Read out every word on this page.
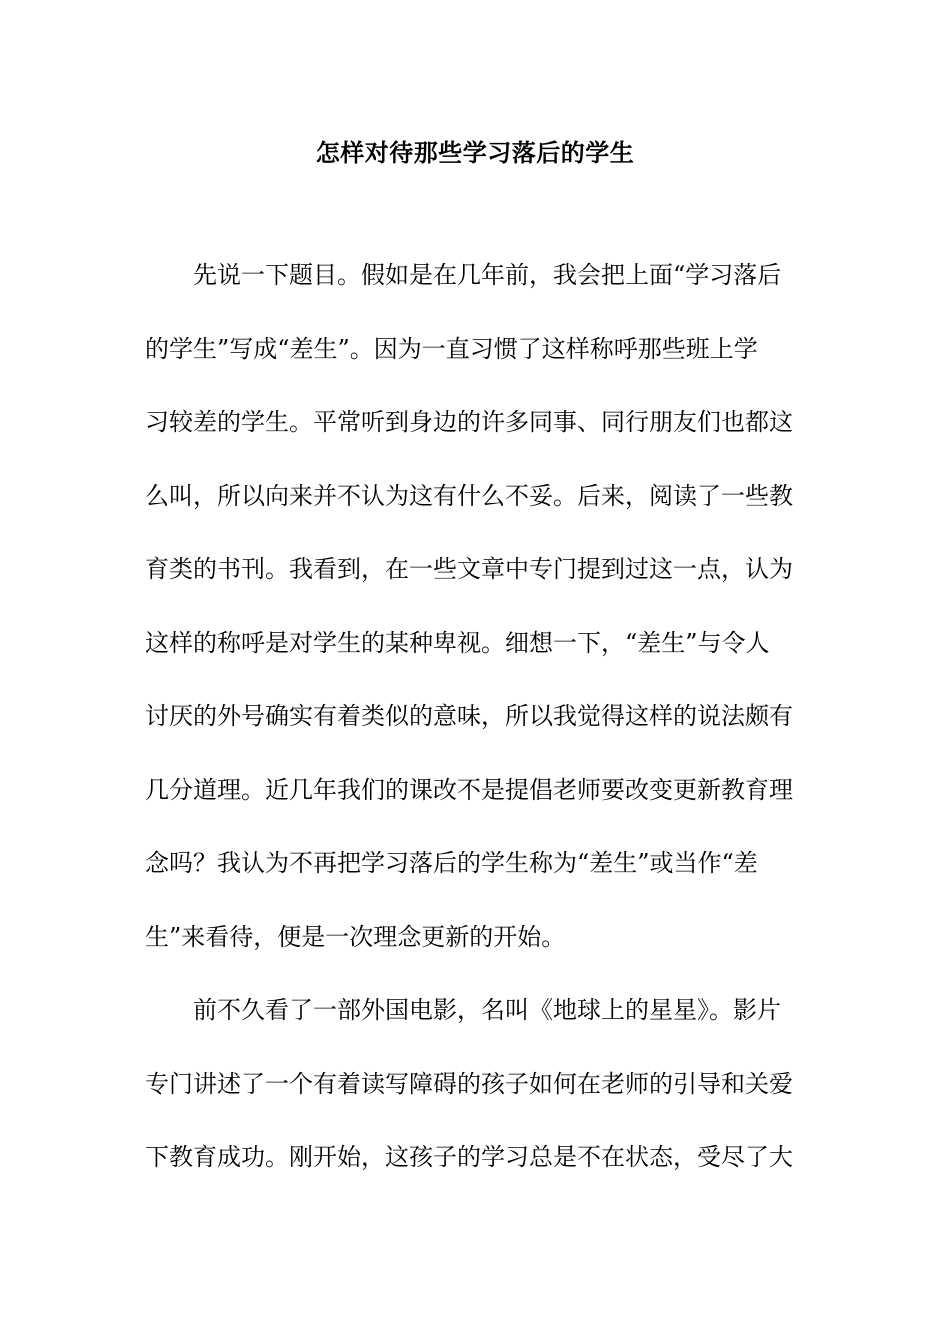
怎样对待那些学习落后的学生
先说一下题目。假如是在几年前，我会把上面“学习落后
的学生”写成“差生”。因为一直习惯了这样称呼那些班上学
习较差的学生。平常听到身边的许多同事、同行朋友们也都这
么叫，所以向来并不认为这有什么不妥。后来，阅读了一些教
育类的书刊。我看到，在一些文章中专门提到过这一点，认为
这样的称呼是对学生的某种卑视。细想一下，“差生”与令人
讨厌的外号确实有着类似的意味，所以我觉得这样的说法颇有
几分道理。近几年我们的课改不是提倡老师要改变更新教育理
念吗？我认为不再把学习落后的学生称为“差生”或当作“差
生”来看待，便是一次理念更新的开始。
前不久看了一部外国电影，名叫《地球上的星星》。影片
专门讲述了一个有着读写障碍的孩子如何在老师的引导和关爱
下教育成功。刚开始，这孩子的学习总是不在状态，受尽了大
